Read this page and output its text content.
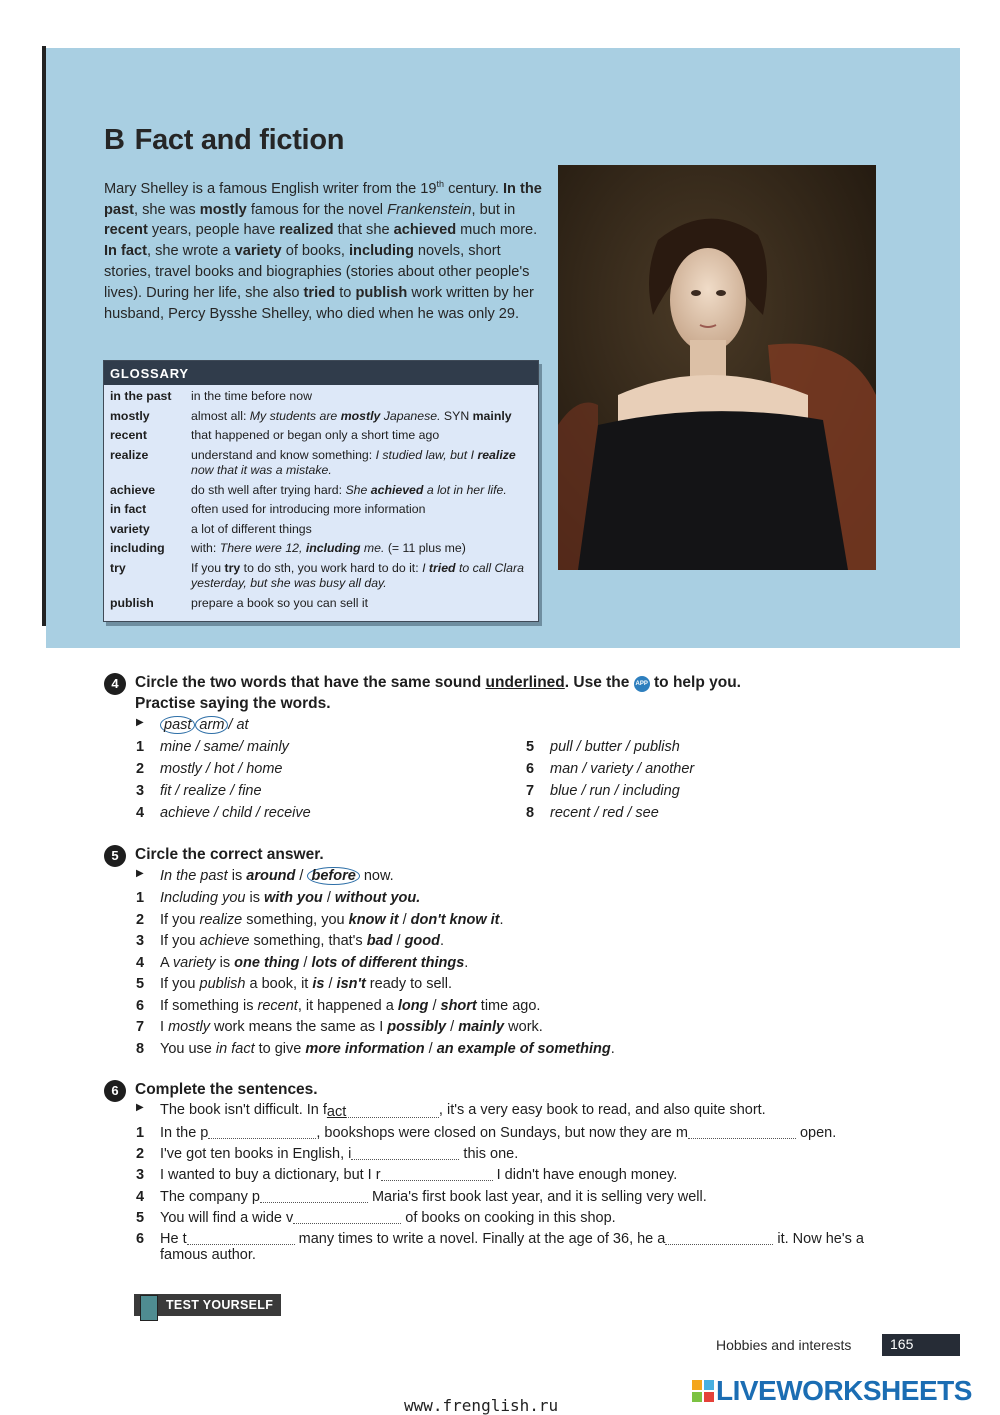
B Fact and fiction
Mary Shelley is a famous English writer from the 19th century. In the past, she was mostly famous for the novel Frankenstein, but in recent years, people have realized that she achieved much more. In fact, she wrote a variety of books, including novels, short stories, travel books and biographies (stories about other people's lives). During her life, she also tried to publish work written by her husband, Percy Bysshe Shelley, who died when he was only 29.
GLOSSARY
in the past	in the time before now
mostly	almost all: My students are mostly Japanese. SYN mainly
recent	that happened or began only a short time ago
realize	understand and know something: I studied law, but I realize now that it was a mistake.
achieve	do sth well after trying hard: She achieved a lot in her life.
in fact	often used for introducing more information
variety	a lot of different things
including	with: There were 12, including me. (= 11 plus me)
try	If you try to do sth, you work hard to do it: I tried to call Clara yesterday, but she was busy all day.
publish	prepare a book so you can sell it
4	Circle the two words that have the same sound underlined. Use the APP to help you.
Practise saying the words.
▶ past arm / at
1 mine / same/ mainly
2 mostly / hot / home
3 fit / realize / fine
4 achieve / child / receive
5 pull / butter / publish
6 man / variety / another
7 blue / run / including
8 recent / red / see
5	Circle the correct answer.
▶ In the past is around / before now.
1 Including you is with you / without you.
2 If you realize something, you know it / don't know it.
3 If you achieve something, that's bad / good.
4 A variety is one thing / lots of different things.
5 If you publish a book, it is / isn't ready to sell.
6 If something is recent, it happened a long / short time ago.
7 I mostly work means the same as I possibly / mainly work.
8 You use in fact to give more information / an example of something.
6	Complete the sentences.
▶ The book isn't difficult. In fact	, it's a very easy book to read, and also quite short.
1 In the p	, bookshops were closed on Sundays, but now they are m	open.
2 I've got ten books in English, i	this one.
3 I wanted to buy a dictionary, but I r	I didn't have enough money.
4 The company p	Maria's first book last year, and it is selling very well.
5 You will find a wide v	of books on cooking in this shop.
6 He t	many times to write a novel. Finally at the age of 36, he a	it. Now he's a
famous author.
TEST YOURSELF
Hobbies and interests	165
www.frenglish.ru	LIVEWORKSHEETS
